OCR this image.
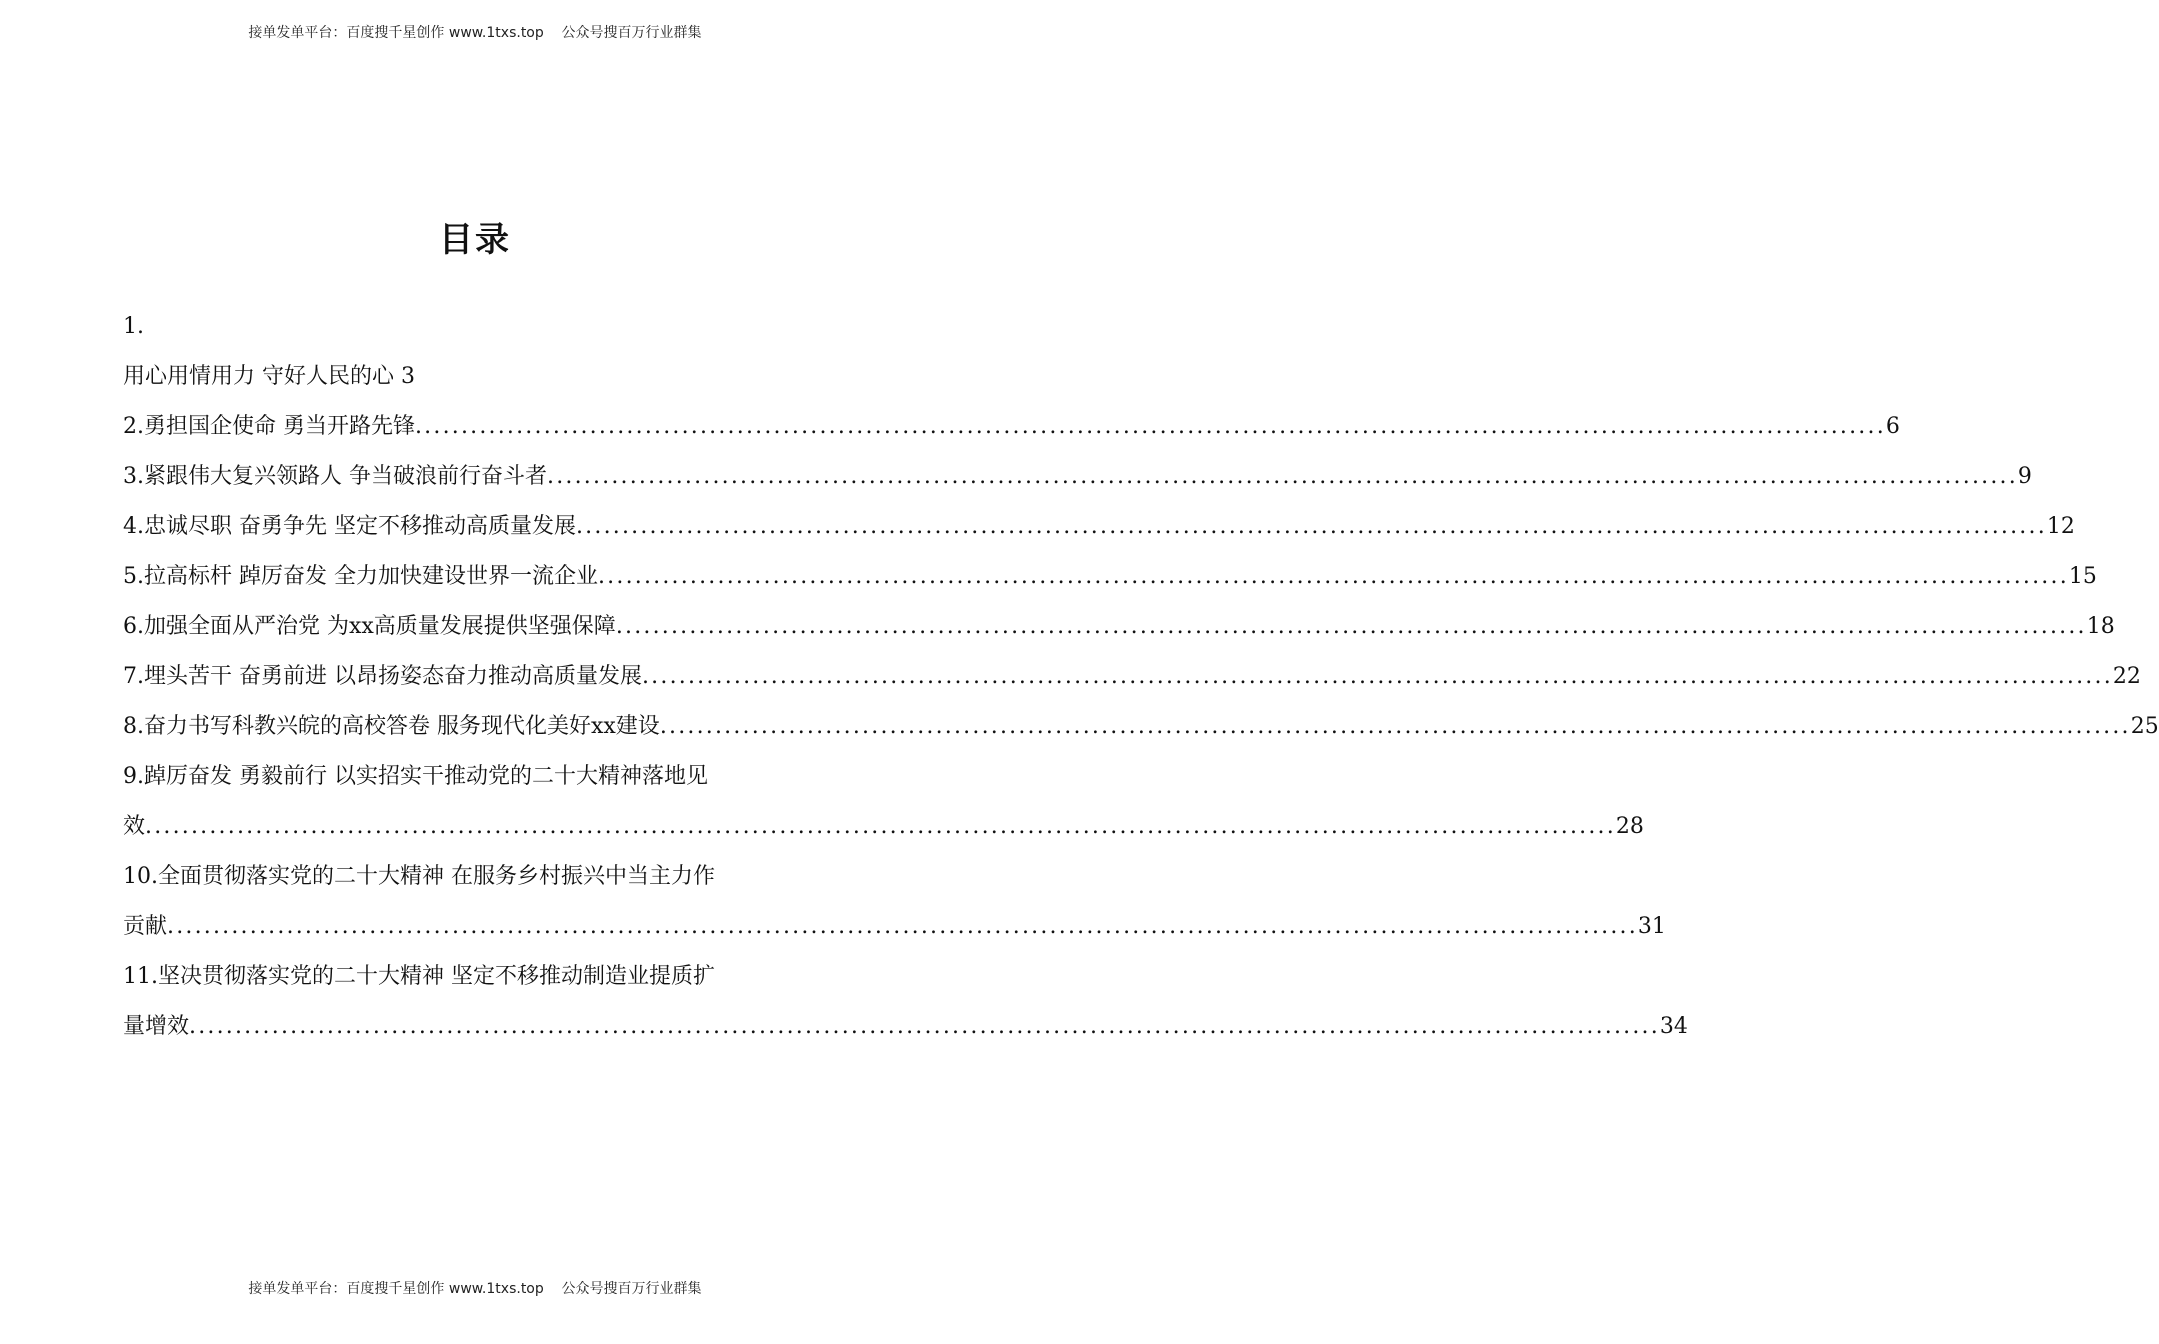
接单发单平台：百度搜千星创作 www.1txs.top    公众号搜百万行业群集
目录
1.
用心用情用力 守好人民的心 3
2.勇担国企使命 勇当开路先锋................................................................................................................................................................6
3.紧跟伟大复兴领路人 争当破浪前行奋斗者................................................................................................................................................................9
4.忠诚尽职 奋勇争先 坚定不移推动高质量发展................................................................................................................................................................12
5.拉高标杆 踔厉奋发 全力加快建设世界一流企业................................................................................................................................................................15
6.加强全面从严治党 为xx高质量发展提供坚强保障................................................................................................................................................................18
7.埋头苦干 奋勇前进 以昂扬姿态奋力推动高质量发展................................................................................................................................................................22
8.奋力书写科教兴皖的高校答卷 服务现代化美好xx建设................................................................................................................................................................25
9.踔厉奋发 勇毅前行 以实招实干推动党的二十大精神落地见
效................................................................................................................................................................28
10.全面贯彻落实党的二十大精神 在服务乡村振兴中当主力作
贡献................................................................................................................................................................31
11.坚决贯彻落实党的二十大精神 坚定不移推动制造业提质扩
量增效................................................................................................................................................................34
接单发单平台：百度搜千星创作 www.1txs.top    公众号搜百万行业群集
